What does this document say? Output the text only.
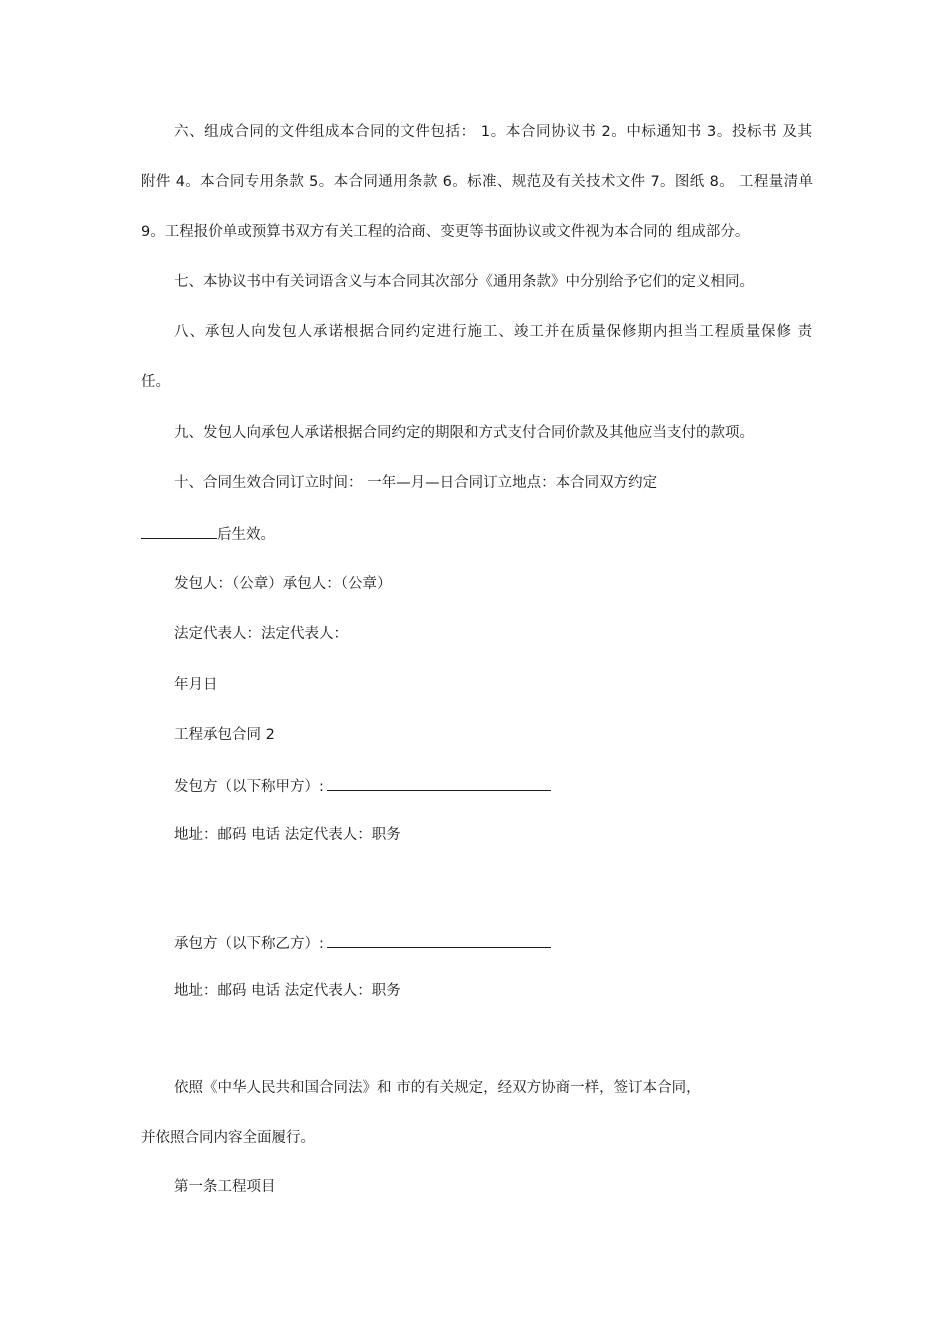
六、组成合同的文件组成本合同的文件包括： 1。本合同协议书 2。中标通知书 3。投标书 及其
附件 4。本合同专用条款 5。本合同通用条款 6。标准、规范及有关技术文件 7。图纸 8。 工程量清单
9。工程报价单或预算书双方有关工程的洽商、变更等书面协议或文件视为本合同的 组成部分。
七、本协议书中有关词语含义与本合同其次部分《通用条款》中分别给予它们的定义相同。
八、承包人向发包人承诺根据合同约定进行施工、竣工并在质量保修期内担当工程质量保修 责
任。
九、发包人向承包人承诺根据合同约定的期限和方式支付合同价款及其他应当支付的款项。
十、合同生效合同订立时间： 一年—月—日合同订立地点：本合同双方约定
后生效。
发包人：（公章）承包人：（公章）
法定代表人：法定代表人：
年月日
工程承包合同 2
发包方（以下称甲方）:
地址：邮码 电话 法定代表人：职务
承包方（以下称乙方）:
地址：邮码 电话 法定代表人：职务
依照《中华人民共和国合同法》和 市的有关规定，经双方协商一样，签订本合同，
并依照合同内容全面履行。
第一条工程项目
